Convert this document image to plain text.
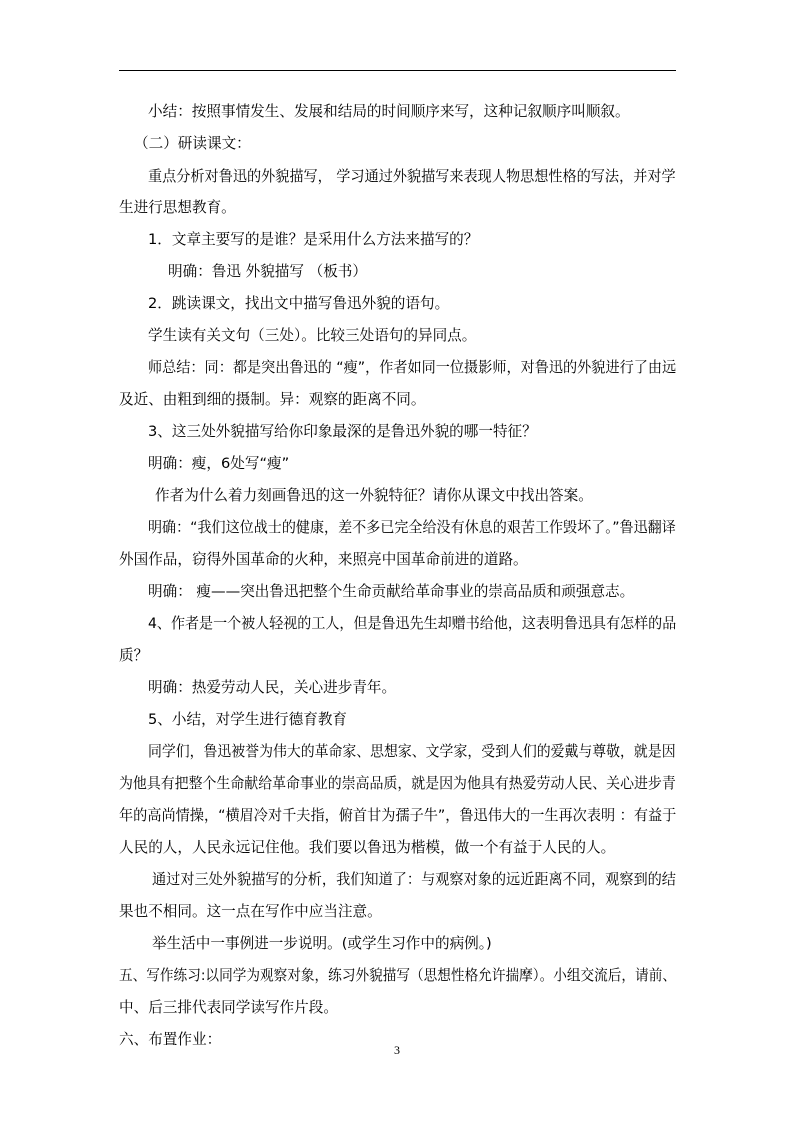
小结：按照事情发生、发展和结局的时间顺序来写，这种记叙顺序叫顺叙。

（二）研读课文：

重点分析对鲁迅的外貌描写， 学习通过外貌描写来表现人物思想性格的写法，并对学

生进行思想教育。

1．文章主要写的是谁？是采用什么方法来描写的？

明确：鲁迅 外貌描写 （板书）

2．跳读课文，找出文中描写鲁迅外貌的语句。

学生读有关文句（三处）。比较三处语句的异同点。

师总结：同：都是突出鲁迅的 “瘦”，作者如同一位摄影师，对鲁迅的外貌进行了由远

及近、由粗到细的摄制。异：观察的距离不同。

3、这三处外貌描写给你印象最深的是鲁迅外貌的哪一特征？

明确：瘦，6处写“瘦”

作者为什么着力刻画鲁迅的这一外貌特征？请你从课文中找出答案。

明确：“我们这位战士的健康，差不多已完全给没有休息的艰苦工作毁坏了。”鲁迅翻译

外国作品，窃得外国革命的火种，来照亮中国革命前进的道路。

明确： 瘦——突出鲁迅把整个生命贡献给革命事业的崇高品质和顽强意志。

4、作者是一个被人轻视的工人，但是鲁迅先生却赠书给他，这表明鲁迅具有怎样的品

质？

明确：热爱劳动人民，关心进步青年。

5、小结，对学生进行德育教育

同学们，鲁迅被誉为伟大的革命家、思想家、文学家，受到人们的爱戴与尊敬，就是因

为他具有把整个生命献给革命事业的崇高品质，就是因为他具有热爱劳动人民、关心进步青

年的高尚情操，“横眉冷对千夫指，俯首甘为孺子牛”，鲁迅伟大的一生再次表明 ：有益于

人民的人，人民永远记住他。我们要以鲁迅为楷模，做一个有益于人民的人。

通过对三处外貌描写的分析，我们知道了：与观察对象的远近距离不同，观察到的结

果也不相同。这一点在写作中应当注意。

举生活中一事例进一步说明。(或学生习作中的病例。)

五、写作练习:以同学为观察对象，练习外貌描写（思想性格允许揣摩）。小组交流后，请前、

中、后三排代表同学读写作片段。

六、布置作业：

3
